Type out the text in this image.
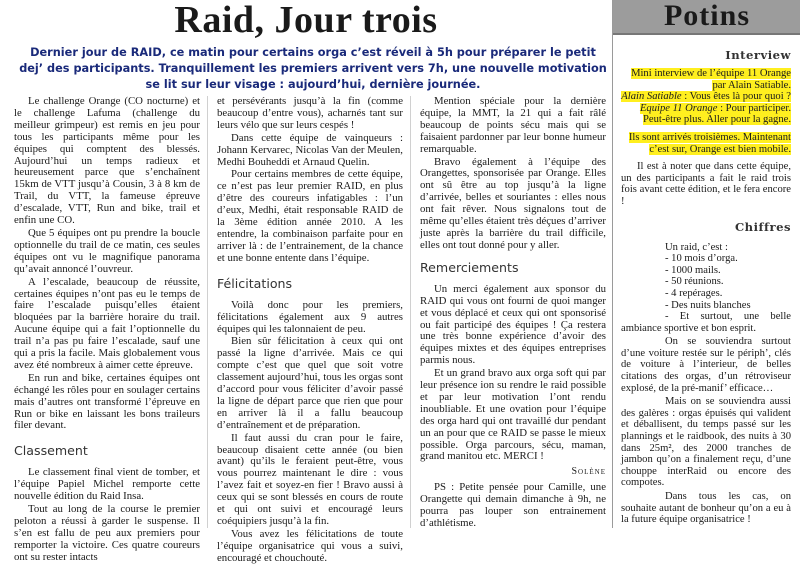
Raid, Jour trois

Dernier jour de RAID, ce matin pour certains orga c’est réveil à 5h pour préparer le petit dej’ des participants. Tranquillement les premiers arrivent vers 7h, une nouvelle motivation se lit sur leur visage : aujourd’hui, dernière journée.

Le challenge Orange (CO nocturne) et le challenge Lafuma (challenge du meilleur grimpeur) est remis en jeu pour tous les participants même pour les équipes qui comptent des blessés. Aujourd’hui un temps radieux et heureusement parce que s’enchaînent 15km de VTT jusqu’à Cousin, 3 à 8 km de Trail, du VTT, la fameuse épreuve d’escalade, VTT, Run and bike, trail et enfin une CO.

Que 5 équipes ont pu prendre la boucle optionnelle du trail de ce matin, ces seules équipes ont vu le magnifique panorama qu’avait annoncé l’ouvreur.

A l’escalade, beaucoup de réussite, certaines équipes n’ont pas eu le temps de faire l’escalade puisqu’elles étaient bloquées par la barrière horaire du trail. Aucune équipe qui a fait l’optionnelle du trail n’a pas pu faire l’escalade, sauf une qui a pris la facile. Mais globalement vous avez été nombreux à aimer cette épreuve.

En run and bike, certaines équipes ont échangé les rôles pour en soulager certains mais d’autres ont transformé l’épreuve en Run or bike en laissant les bons traileurs filer devant.

Classement

Le classement final vient de tomber, et l’équipe Papiel Michel remporte cette nouvelle édition du Raid Insa.

Tout au long de la course le premier peloton a réussi à garder le suspense. Il s’en est fallu de peu aux premiers pour remporter la victoire. Ces quatre coureurs ont su rester intacts

et persévérants jusqu’à la fin (comme beaucoup d’entre vous), acharnés tant sur leurs vélo que sur leurs cespés !

Dans cette équipe de vainqueurs : Johann Kervarec, Nicolas Van der Meulen, Medhi Bouheddi et Arnaud Quelin.

Pour certains membres de cette équipe, ce n’est pas leur premier RAID, en plus d’être des coureurs infatigables : l’un d’eux, Medhi, était responsable RAID de la 3ème édition année 2010. A les entendre, la combinaison parfaite pour en arriver là : de l’entrainement, de la chance et une bonne entente dans l’équipe.

Félicitations

Voilà donc pour les premiers, félicitations également aux 9 autres équipes qui les talonnaient de peu.

Bien sûr félicitation à ceux qui ont passé la ligne d’arrivée. Mais ce qui compte c’est que quel que soit votre classement aujourd’hui, tous les orgas sont d’accord pour vous féliciter d’avoir passé la ligne de départ parce que rien que pour en arriver là il a fallu beaucoup d’entraînement et de préparation.

Il faut aussi du cran pour le faire, beaucoup disaient cette année (ou bien avant) qu’ils le feraient peut-être, vous vous pourrez maintenant le dire : vous l’avez fait et soyez-en fier ! Bravo aussi à ceux qui se sont blessés en cours de route et qui ont suivi et encouragé leurs coéquipiers jusqu’à la fin.

Vous avez les félicitations de toute l’équipe organisatrice qui vous a suivi, encouragé et chouchouté.

Mention spéciale pour la dernière équipe, la MMT, la 21 qui a fait râlé beaucoup de points sécu mais qui se faisaient pardonner par leur bonne humeur remarquable.

Bravo également à l’équipe des Orangettes, sponsorisée par Orange. Elles ont sû être au top jusqu’à la ligne d’arrivée, belles et souriantes : elles nous ont fait rêver. Nous signalons tout de même qu’elles étaient très déçues d’arriver juste après la barrière du trail difficile, elles ont tout donné pour y aller.

Remerciements

Un merci également aux sponsor du RAID qui vous ont fourni de quoi manger et vous déplacé et ceux qui ont sponsorisé ou fait participé des équipes ! Ça restera une très bonne expérience d’avoir des équipes mixtes et des équipes entreprises parmis nous.

Et un grand bravo aux orga soft qui par leur présence ion su rendre le raid possible et par leur motivation l’ont rendu inoubliable. Et une ovation pour l’équipe des orga hard qui ont travaillé dur pendant un an pour que ce RAID se passe le mieux possible. Orga parcours, sécu, maman, grand manitou etc. MERCI !

Solène

PS : Petite pensée pour Camille, une Orangette qui demain dimanche à 9h, ne pourra pas louper son entrainement d’athlétisme.

Potins
Interview

Mini interview de l’équipe 11 Orange par Alain Satiable.

Alain Satiable : Vous êtes là pour quoi ?

Equipe 11 Orange : Pour participer. Peut-être plus. Aller pour la gagne.

Ils sont arrivés troisièmes. Maintenant c’est sur, Orange est bien mobile.

Il est à noter que dans cette équipe, un des participants a fait le raid trois fois avant cette édition, et le fera encore !

Chiffres
Un raid, c’est :
- 10 mois d’orga.
- 1000 mails.
- 50 réunions.
- 4 repérages.
- Des nuits blanches

- Et surtout, une belle ambiance sportive et bon esprit.

On se souviendra surtout d’une voiture restée sur le périph’, clés de voiture à l’interieur, de belles citations des orgas, d’un rétroviseur explosé, de la pré-manif’ efficace…

Mais on se souviendra aussi des galères : orgas épuisés qui valident et déballisent, du temps passé sur les plannings et le raidbook, des nuits à 30 dans 25m², des 2000 tranches de jambon qu’on a finalement reçu, d’une chouppe interRaid ou encore des compotes.

Dans tous les cas, on souhaite autant de bonheur qu’on a eu à la future équipe organisatrice !
